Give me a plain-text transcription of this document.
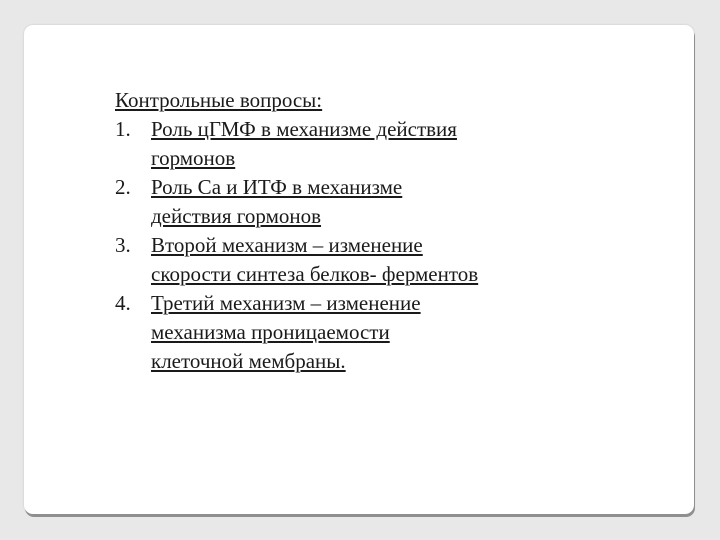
Контрольные вопросы:
1. Роль цГМФ в механизме действия
гормонов
2. Роль Са и ИТФ в механизме
действия гормонов
3. Второй механизм – изменение
скорости синтеза белков- ферментов
4. Третий механизм – изменение
механизма проницаемости
клеточной мембраны.
